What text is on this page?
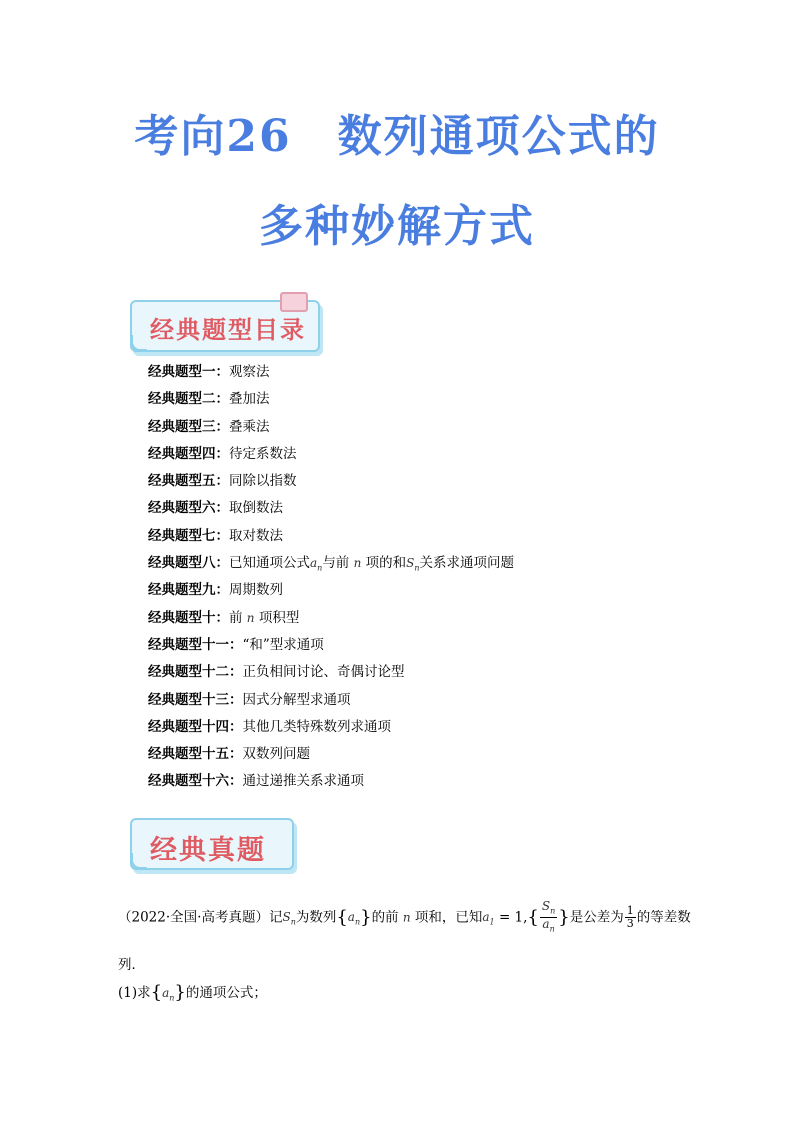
考向26　数列通项公式的
多种妙解方式
经典题型目录
经典题型一：观察法
经典题型二：叠加法
经典题型三：叠乘法
经典题型四：待定系数法
经典题型五：同除以指数
经典题型六：取倒数法
经典题型七：取对数法
经典题型八：已知通项公式$a_n$与前 n 项的和$S_n$关系求通项问题
经典题型九：周期数列
经典题型十：前 n 项积型
经典题型十一：“和”型求通项
经典题型十二：正负相间讨论、奇偶讨论型
经典题型十三：因式分解型求通项
经典题型十四：其他几类特殊数列求通项
经典题型十五：双数列问题
经典题型十六：通过递推关系求通项
经典真题
（2022·全国·高考真题）记$S_n$为数列$\{a_n\}$的前 n 项和，已知$a_1 = 1,\{ \frac{S_n}{a_n}$ }是公差为 $\frac{1}{3}$ 的等差数
列．
(1)求$\{a_n\}$的通项公式；
